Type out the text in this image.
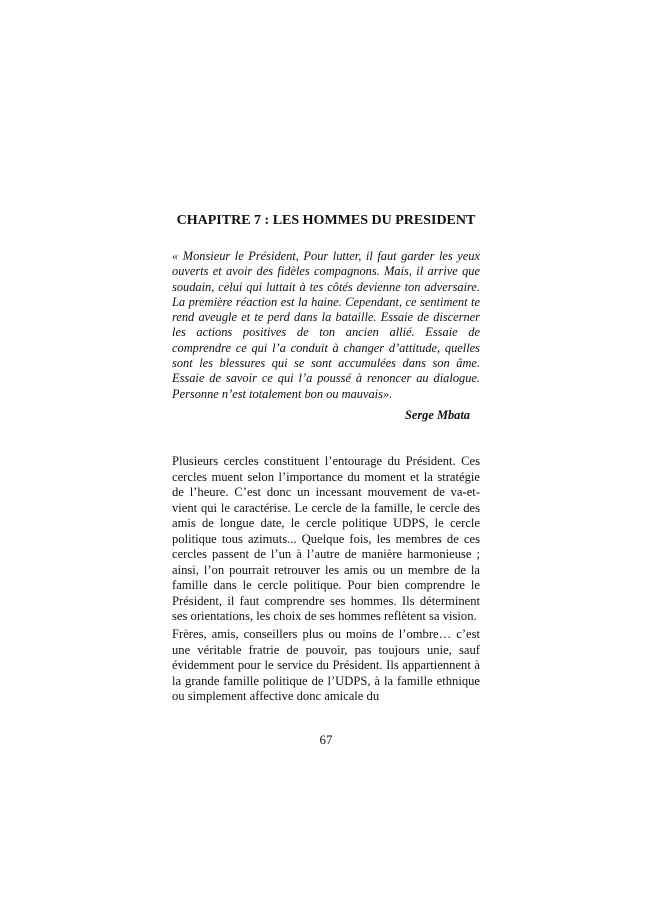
CHAPITRE 7 : LES HOMMES DU PRESIDENT

« Monsieur le Président, Pour lutter, il faut garder les yeux ouverts et avoir des fidèles compagnons. Mais, il arrive que soudain, celui qui luttait à tes côtés devienne ton adversaire. La première réaction est la haine. Cependant, ce sentiment te rend aveugle et te perd dans la bataille. Essaie de discerner les actions positives de ton ancien allié. Essaie de comprendre ce qui l’a conduit à changer d’attitude, quelles sont les blessures qui se sont accumulées dans son âme. Essaie de savoir ce qui l’a poussé à renoncer au dialogue. Personne n’est totalement bon ou mauvais».

Serge Mbata

Plusieurs cercles constituent l’entourage du Président. Ces cercles muent selon l’importance du moment et la stratégie de l’heure. C’est donc un incessant mouvement de va-et-vient qui le caractérise. Le cercle de la famille, le cercle des amis de longue date, le cercle politique UDPS, le cercle politique tous azimuts... Quelque fois, les membres de ces cercles passent de l’un à l’autre de manière harmonieuse ; ainsi, l’on pourrait retrouver les amis ou un membre de la famille dans le cercle politique. Pour bien comprendre le Président, il faut comprendre ses hommes. Ils déterminent ses orientations, les choix de ses hommes reflètent sa vision.

Frères, amis, conseillers plus ou moins de l’ombre… c’est une véritable fratrie de pouvoir, pas toujours unie, sauf évidemment pour le service du Président. Ils appartiennent à la grande famille politique de l’UDPS, à la famille ethnique ou simplement affective donc amicale du

67
